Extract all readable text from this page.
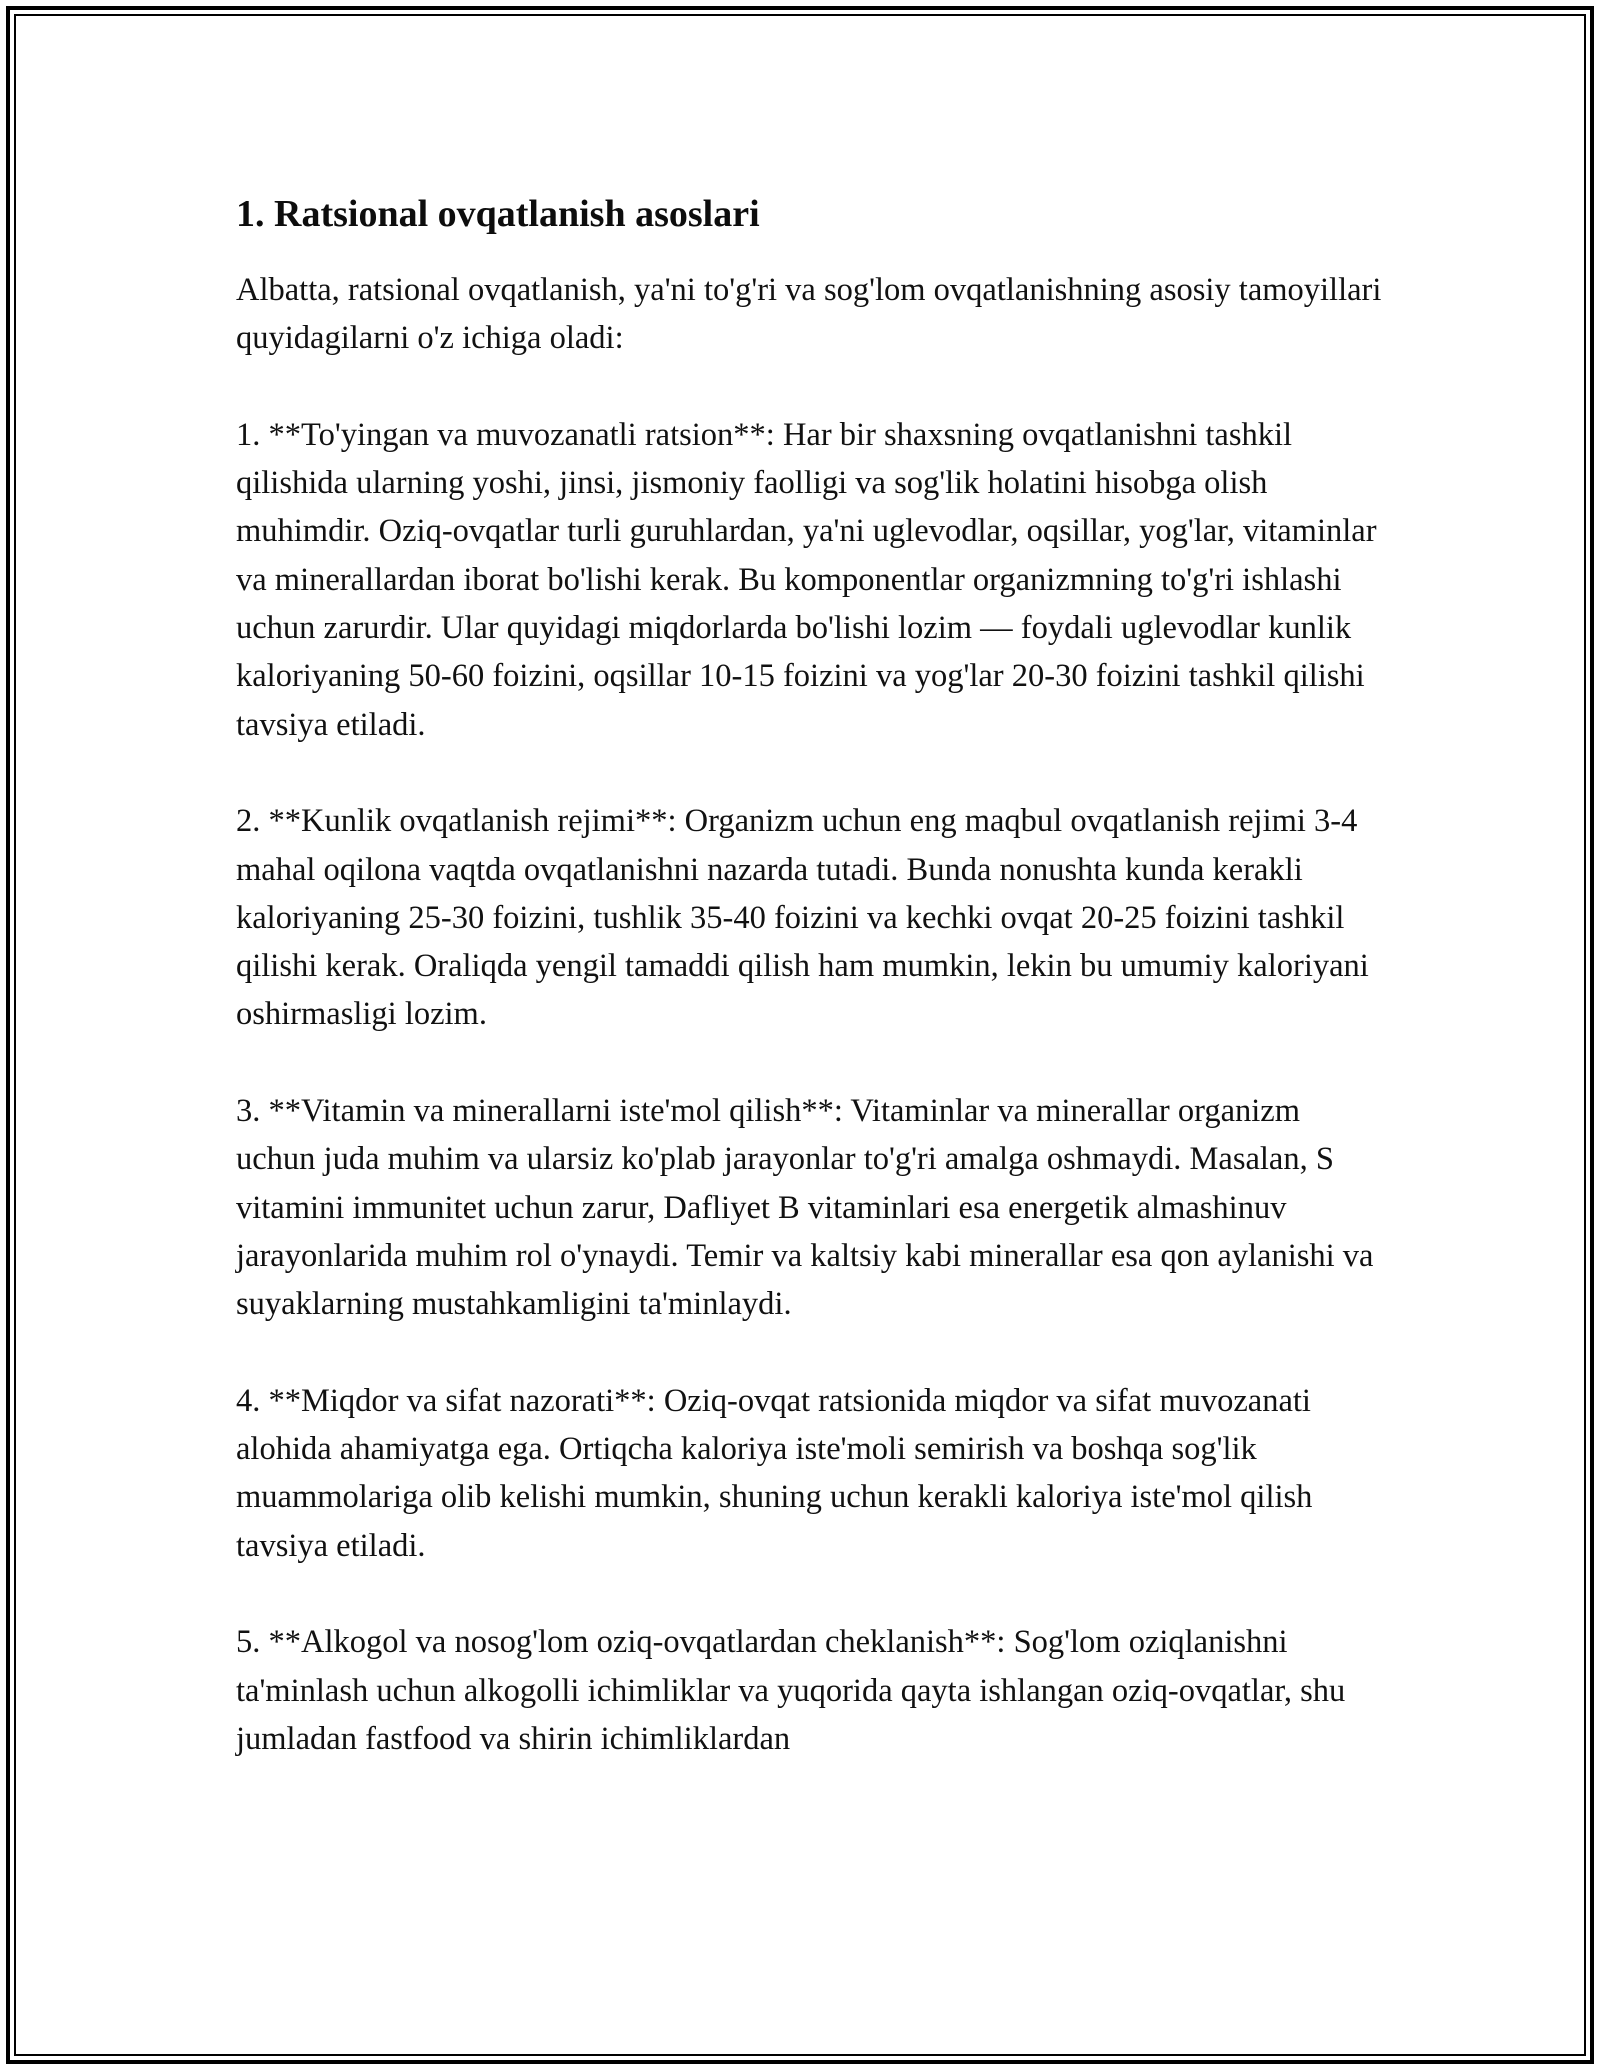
1. Ratsional ovqatlanish asoslari

Albatta, ratsional ovqatlanish, ya'ni to'g'ri va sog'lom ovqatlanishning asosiy tamoyillari quyidagilarni o'z ichiga oladi:

1. **To'yingan va muvozanatli ratsion**: Har bir shaxsning ovqatlanishni tashkil qilishida ularning yoshi, jinsi, jismoniy faolligi va sog'lik holatini hisobga olish muhimdir. Oziq-ovqatlar turli guruhlardan, ya'ni uglevodlar, oqsillar, yog'lar, vitaminlar va minerallardan iborat bo'lishi kerak. Bu komponentlar organizmning to'g'ri ishlashi uchun zarurdir. Ular quyidagi miqdorlarda bo'lishi lozim — foydali uglevodlar kunlik kaloriyaning 50-60 foizini, oqsillar 10-15 foizini va yog'lar 20-30 foizini tashkil qilishi tavsiya etiladi.

2. **Kunlik ovqatlanish rejimi**: Organizm uchun eng maqbul ovqatlanish rejimi 3-4 mahal oqilona vaqtda ovqatlanishni nazarda tutadi. Bunda nonushta kunda kerakli kaloriyaning 25-30 foizini, tushlik 35-40 foizini va kechki ovqat 20-25 foizini tashkil qilishi kerak. Oraliqda yengil tamaddi qilish ham mumkin, lekin bu umumiy kaloriyani oshirmasligi lozim.

3. **Vitamin va minerallarni iste'mol qilish**: Vitaminlar va minerallar organizm uchun juda muhim va ularsiz ko'plab jarayonlar to'g'ri amalga oshmaydi. Masalan, S vitamini immunitet uchun zarur, Dafliyet B vitaminlari esa energetik almashinuv jarayonlarida muhim rol o'ynaydi. Temir va kaltsiy kabi minerallar esa qon aylanishi va suyaklarning mustahkamligini ta'minlaydi.

4. **Miqdor va sifat nazorati**: Oziq-ovqat ratsionida miqdor va sifat muvozanati alohida ahamiyatga ega. Ortiqcha kaloriya iste'moli semirish va boshqa sog'lik muammolariga olib kelishi mumkin, shuning uchun kerakli kaloriya iste'mol qilish tavsiya etiladi.

5. **Alkogol va nosog'lom oziq-ovqatlardan cheklanish**: Sog'lom oziqlanishni ta'minlash uchun alkogolli ichimliklar va yuqorida qayta ishlangan oziq-ovqatlar, shu jumladan fastfood va shirin ichimliklardan
